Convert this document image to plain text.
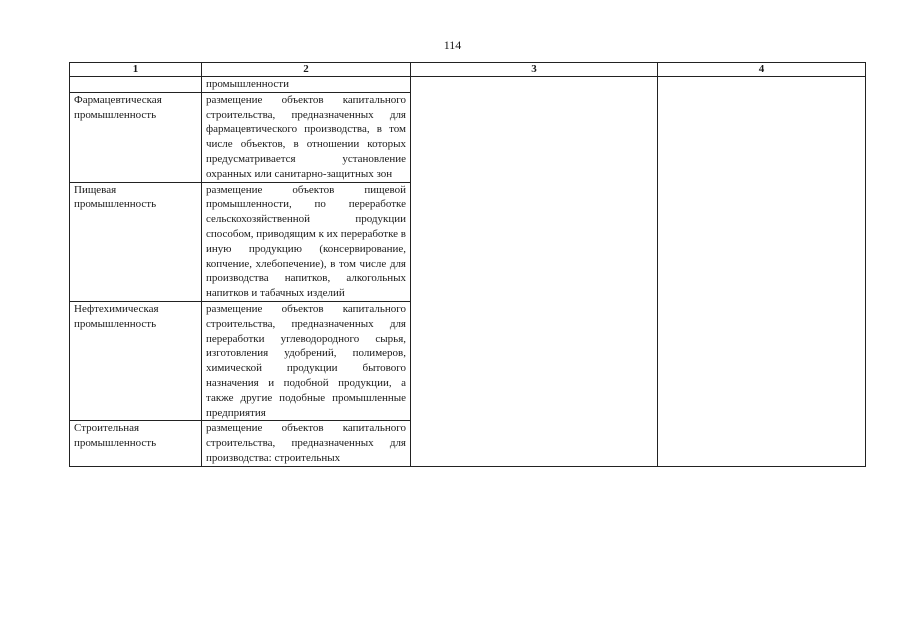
114
1	2	3	4
	промышленности		
Фармацевтическая промышленность	размещение объектов капитального строительства, предназначенных для фармацевтического производства, в том числе объектов, в отношении которых предусматривается установление охранных или санитарно-защитных зон		
Пищевая промышленность	размещение объектов пищевой промышленности, по переработке сельскохозяйственной продукции способом, приводящим к их переработке в иную продукцию (консервирование, копчение, хлебопечение), в том числе для производства напитков, алкогольных напитков и табачных изделий		
Нефтехимическая промышленность	размещение объектов капитального строительства, предназначенных для переработки углеводородного сырья, изготовления удобрений, полимеров, химической продукции бытового назначения и подобной продукции, а также другие подобные промышленные предприятия		
Строительная промышленность	размещение объектов капитального строительства, предназначенных для производства: строительных		
